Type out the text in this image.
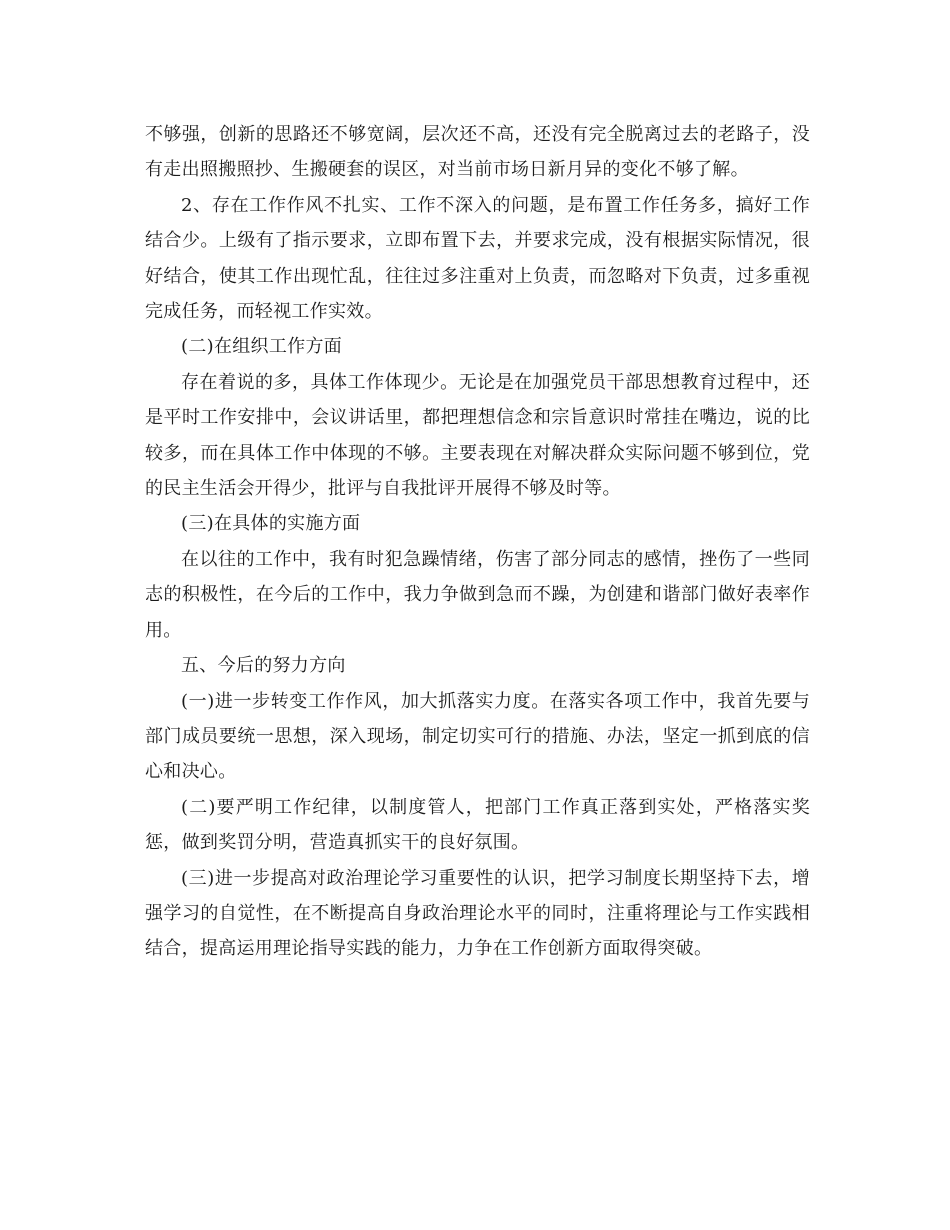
不够强，创新的思路还不够宽阔，层次还不高，还没有完全脱离过去的老路子，没有走出照搬照抄、生搬硬套的误区，对当前市场日新月异的变化不够了解。

2、存在工作作风不扎实、工作不深入的问题，是布置工作任务多，搞好工作结合少。上级有了指示要求，立即布置下去，并要求完成，没有根据实际情况，很好结合，使其工作出现忙乱，往往过多注重对上负责，而忽略对下负责，过多重视完成任务，而轻视工作实效。

(二)在组织工作方面

存在着说的多，具体工作体现少。无论是在加强党员干部思想教育过程中，还是平时工作安排中，会议讲话里，都把理想信念和宗旨意识时常挂在嘴边，说的比较多，而在具体工作中体现的不够。主要表现在对解决群众实际问题不够到位，党的民主生活会开得少，批评与自我批评开展得不够及时等。

(三)在具体的实施方面

在以往的工作中，我有时犯急躁情绪，伤害了部分同志的感情，挫伤了一些同志的积极性，在今后的工作中，我力争做到急而不躁，为创建和谐部门做好表率作用。

五、今后的努力方向

(一)进一步转变工作作风，加大抓落实力度。在落实各项工作中，我首先要与部门成员要统一思想，深入现场，制定切实可行的措施、办法，坚定一抓到底的信心和决心。

(二)要严明工作纪律，以制度管人，把部门工作真正落到实处，严格落实奖惩，做到奖罚分明，营造真抓实干的良好氛围。

(三)进一步提高对政治理论学习重要性的认识，把学习制度长期坚持下去，增强学习的自觉性，在不断提高自身政治理论水平的同时，注重将理论与工作实践相结合，提高运用理论指导实践的能力，力争在工作创新方面取得突破。
